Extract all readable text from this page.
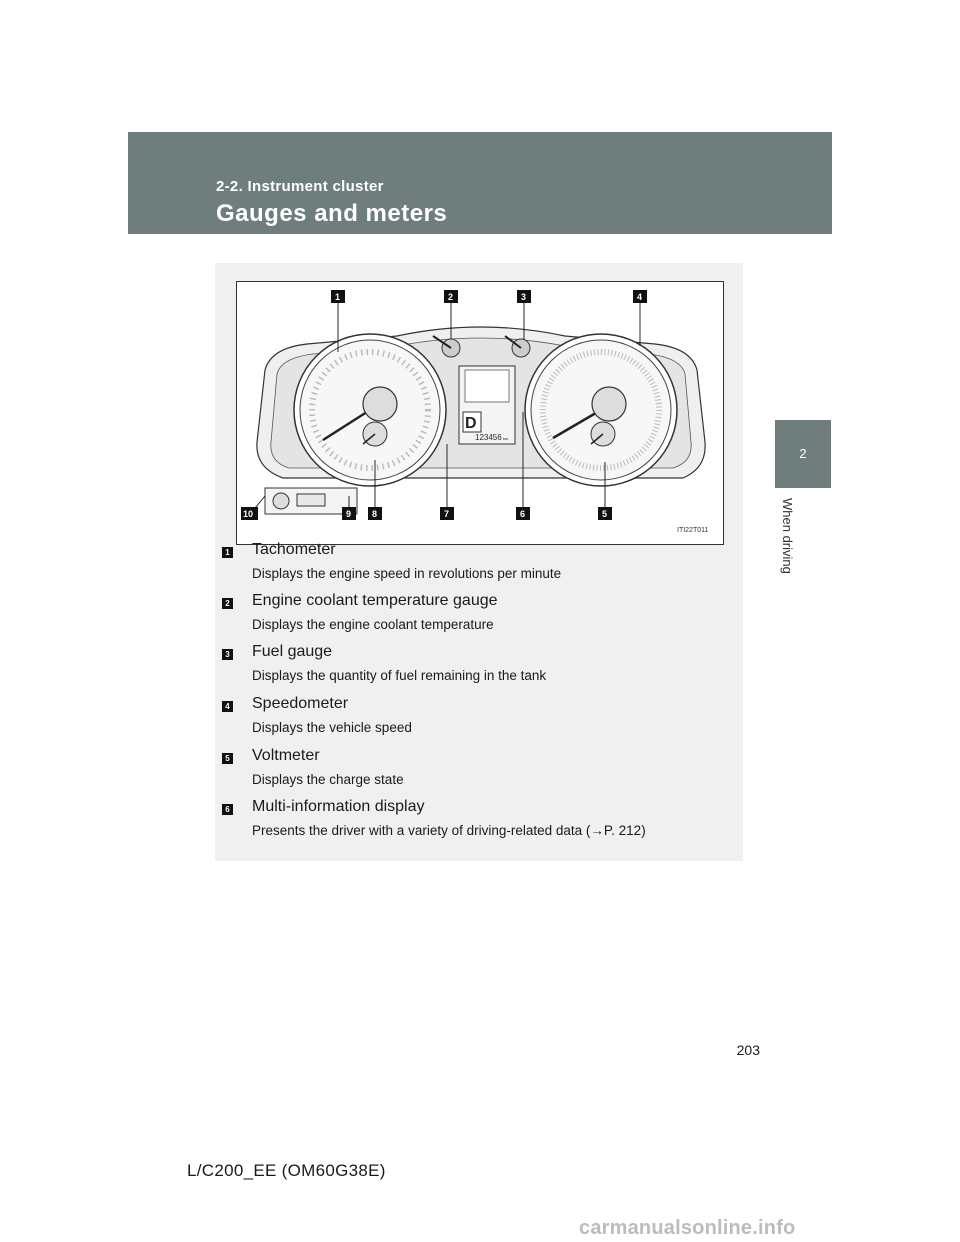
2-2. Instrument cluster
Gauges and meters
2
When driving
D
123456 km
1	2	3	4
5
6
7
8
9
10
ITI22T011
1 Tachometer
Displays the engine speed in revolutions per minute
2 Engine coolant temperature gauge
Displays the engine coolant temperature
3 Fuel gauge
Displays the quantity of fuel remaining in the tank
4 Speedometer
Displays the vehicle speed
5 Voltmeter
Displays the charge state
6 Multi-information display
Presents the driver with a variety of driving-related data (→P. 212)
203
L/C200_EE (OM60G38E)
carmanualsonline.info
